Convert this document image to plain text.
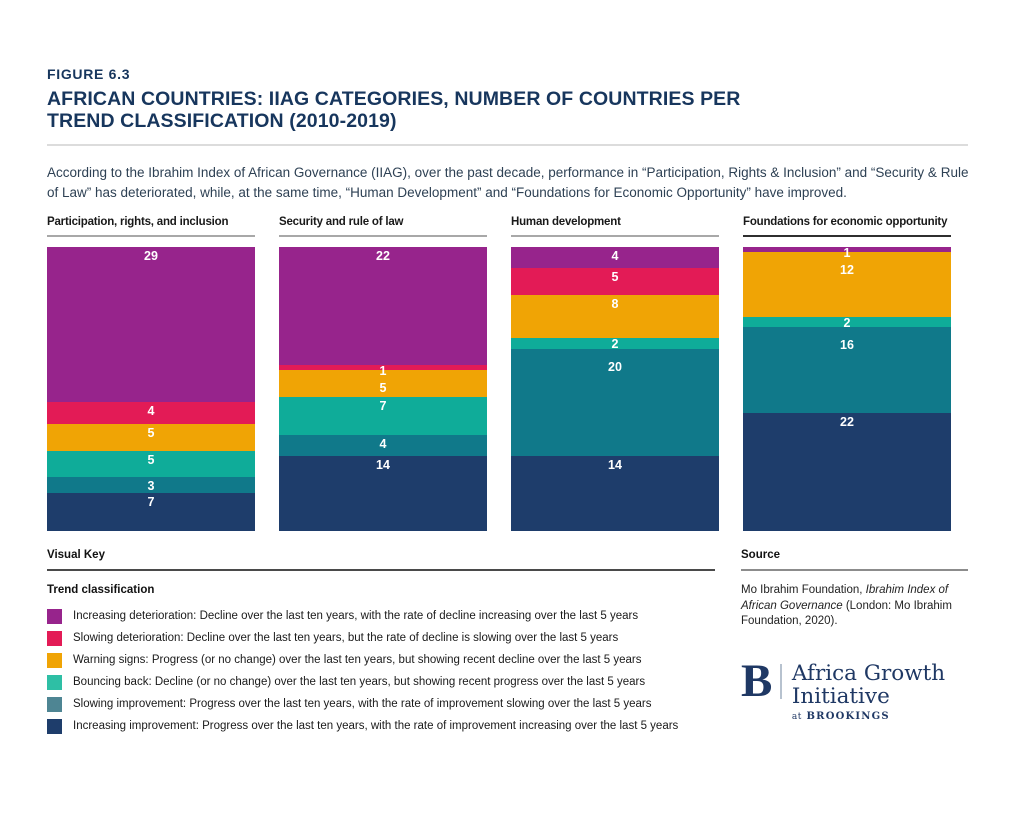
FIGURE 6.3
AFRICAN COUNTRIES: IIAG CATEGORIES, NUMBER OF COUNTRIES PER TREND CLASSIFICATION (2010-2019)

According to the Ibrahim Index of African Governance (IIAG), over the past decade, performance in “Participation, Rights & Inclusion” and “Security & Rule of Law” has deteriorated, while, at the same time, “Human Development” and “Foundations for Economic Opportunity” have improved.

Participation, rights, and inclusion
29
4
5
5
3
7
Security and rule of law
22
1
5
7
4
14
Human development
4
5
8
2
20
14
Foundations for economic opportunity
1
12
2
16
22
Visual Key
Trend classification
Increasing deterioration: Decline over the last ten years, with the rate of decline increasing over the last 5 years
Slowing deterioration: Decline over the last ten years, but the rate of decline is slowing over the last 5 years
Warning signs: Progress (or no change) over the last ten years, but showing recent decline over the last 5 years
Bouncing back: Decline (or no change) over the last ten years, but showing recent progress over the last 5 years
Slowing improvement: Progress over the last ten years, with the rate of improvement slowing over the last 5 years
Increasing improvement: Progress over the last ten years, with the rate of improvement increasing over the last 5 years
Source

Mo Ibrahim Foundation, Ibrahim Index of African Governance (London: Mo Ibrahim Foundation, 2020).

B Africa Growth
Initiative
at BROOKINGS
